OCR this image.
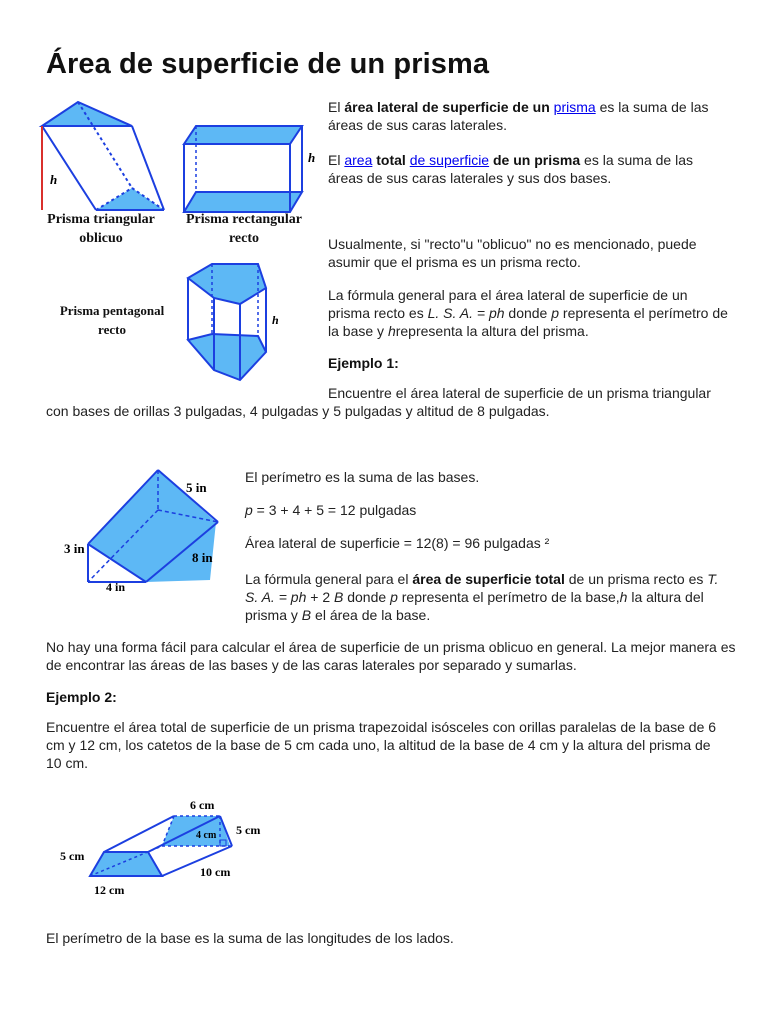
Área de superficie de un prisma
h
Prisma triangular oblicuo
h
Prisma rectangular recto
h
Prisma pentagonal recto

El área lateral de superficie de un prisma es la suma de las áreas de sus caras laterales.

El area total de superficie de un prisma es la suma de las áreas de sus caras laterales y sus dos bases.

Usualmente, si "recto"u "oblicuo" no es mencionado, puede asumir que el prisma es un prisma recto.

La fórmula general para el área lateral de superficie de un prisma recto es L. S. A. = ph donde p representa el perímetro de la base y hrepresenta la altura del prisma.

Ejemplo 1:

Encuentre el área lateral de superficie de un prisma triangular con bases de orillas 3 pulgadas, 4 pulgadas y 5 pulgadas y altitud de 8 pulgadas.

5 in
3 in
8 in
4 in

El perímetro es la suma de las bases.

p = 3 + 4 + 5 = 12 pulgadas

Área lateral de superficie = 12(8) = 96 pulgadas ²

La fórmula general para el área de superficie total de un prisma recto es T. S. A. = ph + 2 B donde p representa el perímetro de la base,h la altura del prisma y B el área de la base.

No hay una forma fácil para calcular el área de superficie de un prisma oblicuo en general. La mejor manera es de encontrar las áreas de las bases y de las caras laterales por separado y sumarlas.

Ejemplo 2:

Encuentre el área total de superficie de un prisma trapezoidal isósceles con orillas paralelas de la base de 6 cm y 12 cm, los catetos de la base de 5 cm cada uno, la altitud de la base de 4 cm y la altura del prisma de 10 cm.

6 cm
4 cm 5 cm
5 cm
10 cm
12 cm

El perímetro de la base es la suma de las longitudes de los lados.
